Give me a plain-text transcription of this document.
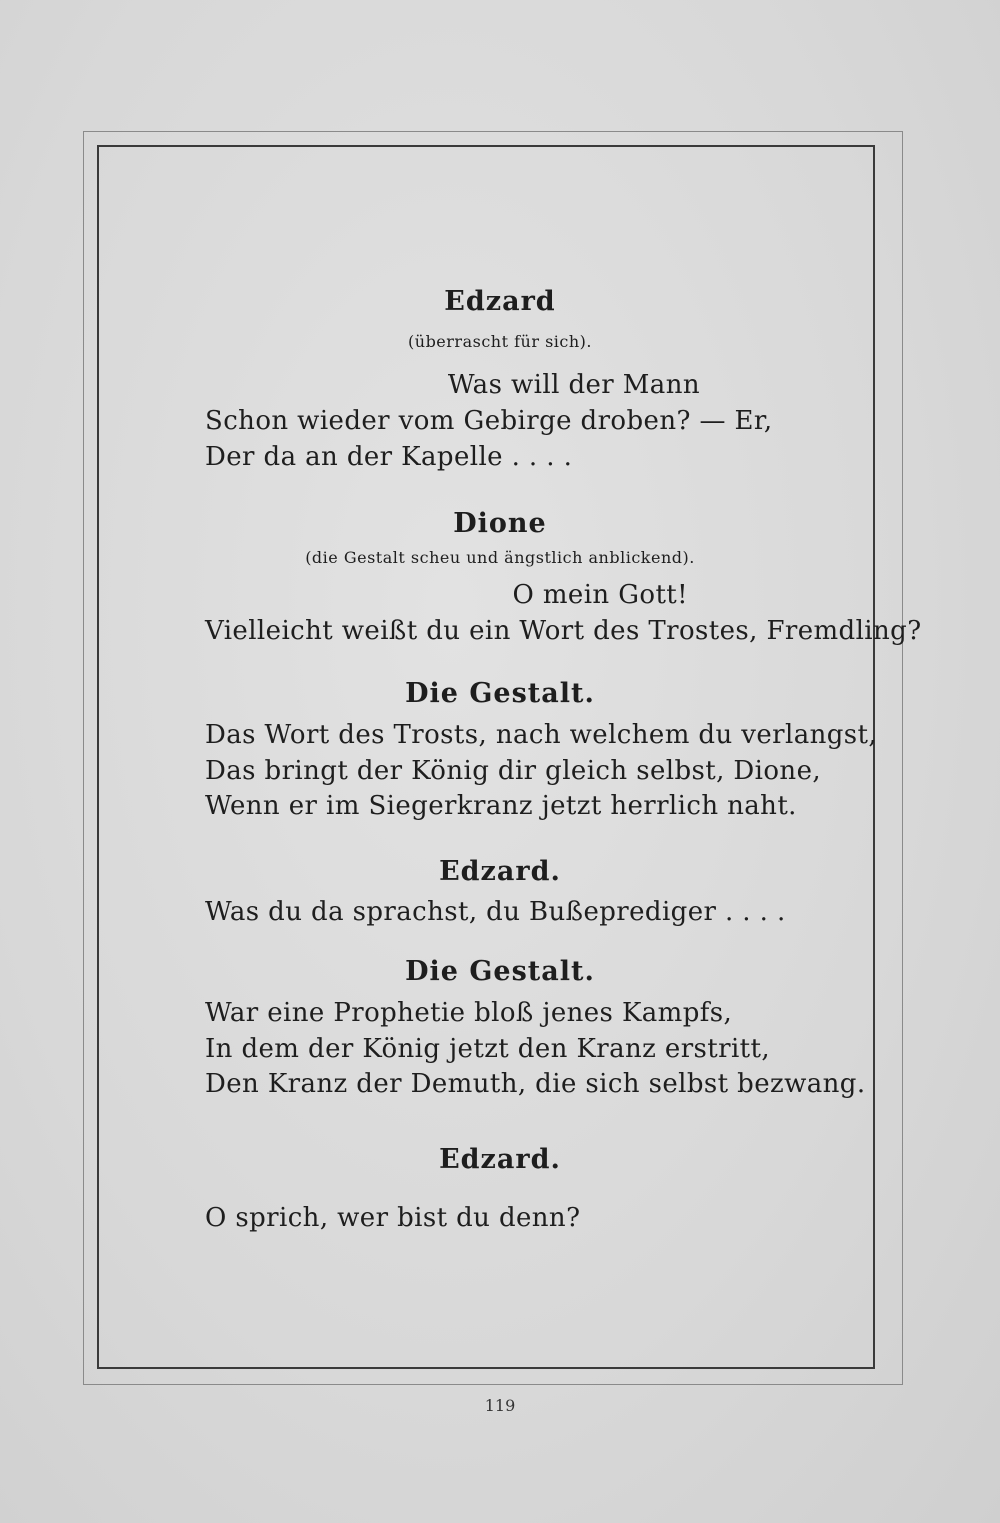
Edzard
(überrascht für sich).
Was will der Mann
Schon wieder vom Gebirge droben? — Er,
Der da an der Kapelle . . . .
Dione
(die Gestalt scheu und ängstlich anblickend).
O mein Gott!
Vielleicht weißt du ein Wort des Trostes, Fremdling?
Die Gestalt.
Das Wort des Trosts, nach welchem du verlangst,
Das bringt der König dir gleich selbst, Dione,
Wenn er im Siegerkranz jetzt herrlich naht.
Edzard.
Was du da sprachst, du Bußeprediger . . . .
Die Gestalt.
War eine Prophetie bloß jenes Kampfs,
In dem der König jetzt den Kranz erstritt,
Den Kranz der Demuth, die sich selbst bezwang.
Edzard.
O sprich, wer bist du denn?
119
